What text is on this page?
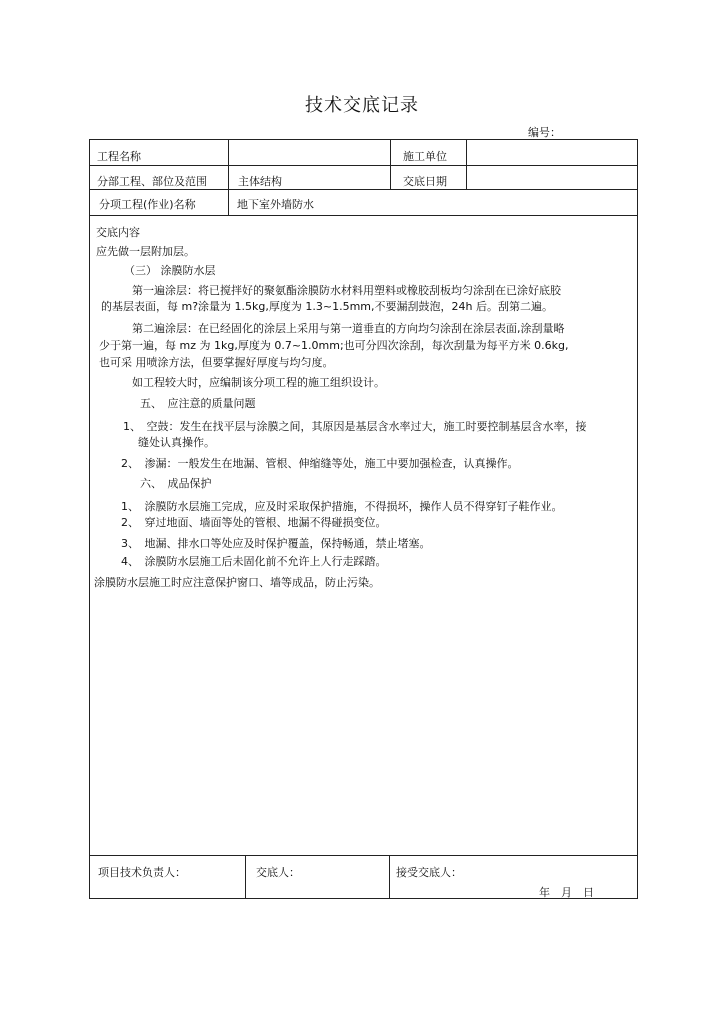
技术交底记录
编号：
工程名称	施工单位
分部工程、部位及范围	主体结构	交底日期
分项工程(作业)名称	地下室外墙防水
交底内容
应先做一层附加层。
（三） 涂膜防水层
第一遍涂层：将已搅拌好的聚氨酯涂膜防水材料用塑料或橡胶刮板均匀涂刮在已涂好底胶
的基层表面，每 m?涂量为 1.5kg,厚度为 1.3~1.5mm,不要漏刮鼓泡，24h 后。刮第二遍。
第二遍涂层：在已经固化的涂层上采用与第一道垂直的方向均匀涂刮在涂层表面,涂刮量略
少于第一遍，每 mz 为 1kg,厚度为 0.7~1.0mm;也可分四次涂刮，每次刮量为每平方米 0.6kg,
也可采 用喷涂方法，但要掌握好厚度与均匀度。
如工程较大时，应编制该分项工程的施工组织设计。
五、　应注意的质量问题
1、　空鼓：发生在找平层与涂膜之间，其原因是基层含水率过大，施工时要控制基层含水率，接
缝处认真操作。
2、　渗漏：一般发生在地漏、管根、伸缩缝等处，施工中要加强检查，认真操作。
六、　成品保护
1、　涂膜防水层施工完成，应及时采取保护措施，不得损坏，操作人员不得穿钉子鞋作业。
2、　穿过地面、墙面等处的管根、地漏不得碰损变位。
3、　地漏、排水口等处应及时保护覆盖，保持畅通，禁止堵塞。
4、　涂膜防水层施工后未固化前不允许上人行走踩踏。
涂膜防水层施工时应注意保护窗口、墙等成品，防止污染。
项目技术负责人：	交底人：	接受交底人：
年　月　日
